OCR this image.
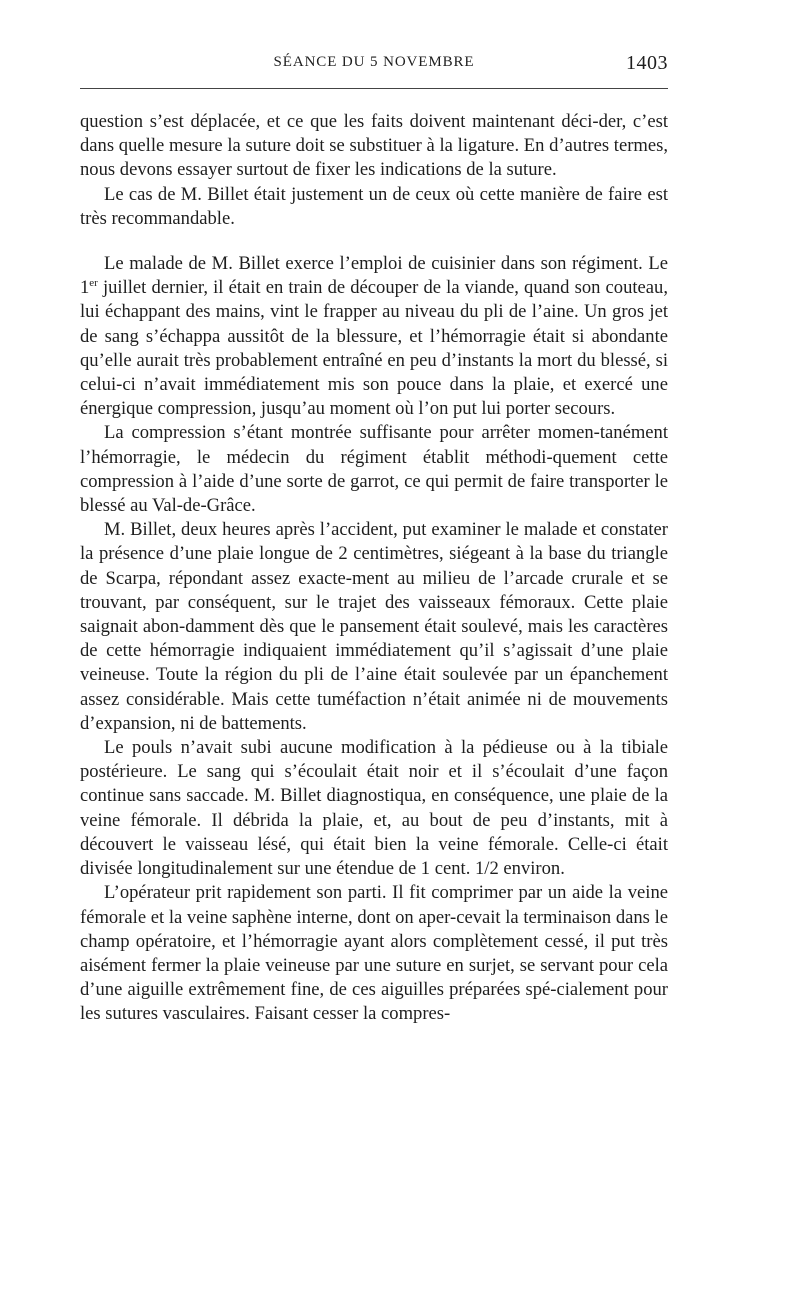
SÉANCE DU 5 NOVEMBRE	1403

question s’est déplacée, et ce que les faits doivent maintenant déci-der, c’est dans quelle mesure la suture doit se substituer à la ligature. En d’autres termes, nous devons essayer surtout de fixer les indications de la suture.

Le cas de M. Billet était justement un de ceux où cette manière de faire est très recommandable.

Le malade de M. Billet exerce l’emploi de cuisinier dans son régiment. Le 1er juillet dernier, il était en train de découper de la viande, quand son couteau, lui échappant des mains, vint le frapper au niveau du pli de l’aine. Un gros jet de sang s’échappa aussitôt de la blessure, et l’hémorragie était si abondante qu’elle aurait très probablement entraîné en peu d’instants la mort du blessé, si celui-ci n’avait immédiatement mis son pouce dans la plaie, et exercé une énergique compression, jusqu’au moment où l’on put lui porter secours.

La compression s’étant montrée suffisante pour arrêter momen-tanément l’hémorragie, le médecin du régiment établit méthodi-quement cette compression à l’aide d’une sorte de garrot, ce qui permit de faire transporter le blessé au Val-de-Grâce.

M. Billet, deux heures après l’accident, put examiner le malade et constater la présence d’une plaie longue de 2 centimètres, siégeant à la base du triangle de Scarpa, répondant assez exacte-ment au milieu de l’arcade crurale et se trouvant, par conséquent, sur le trajet des vaisseaux fémoraux. Cette plaie saignait abon-damment dès que le pansement était soulevé, mais les caractères de cette hémorragie indiquaient immédiatement qu’il s’agissait d’une plaie veineuse. Toute la région du pli de l’aine était soulevée par un épanchement assez considérable. Mais cette tuméfaction n’était animée ni de mouvements d’expansion, ni de battements.

Le pouls n’avait subi aucune modification à la pédieuse ou à la tibiale postérieure. Le sang qui s’écoulait était noir et il s’écoulait d’une façon continue sans saccade. M. Billet diagnostiqua, en conséquence, une plaie de la veine fémorale. Il débrida la plaie, et, au bout de peu d’instants, mit à découvert le vaisseau lésé, qui était bien la veine fémorale. Celle-ci était divisée longitudinalement sur une étendue de 1 cent. 1/2 environ.

L’opérateur prit rapidement son parti. Il fit comprimer par un aide la veine fémorale et la veine saphène interne, dont on aper-cevait la terminaison dans le champ opératoire, et l’hémorragie ayant alors complètement cessé, il put très aisément fermer la plaie veineuse par une suture en surjet, se servant pour cela d’une aiguille extrêmement fine, de ces aiguilles préparées spé-cialement pour les sutures vasculaires. Faisant cesser la compres-
